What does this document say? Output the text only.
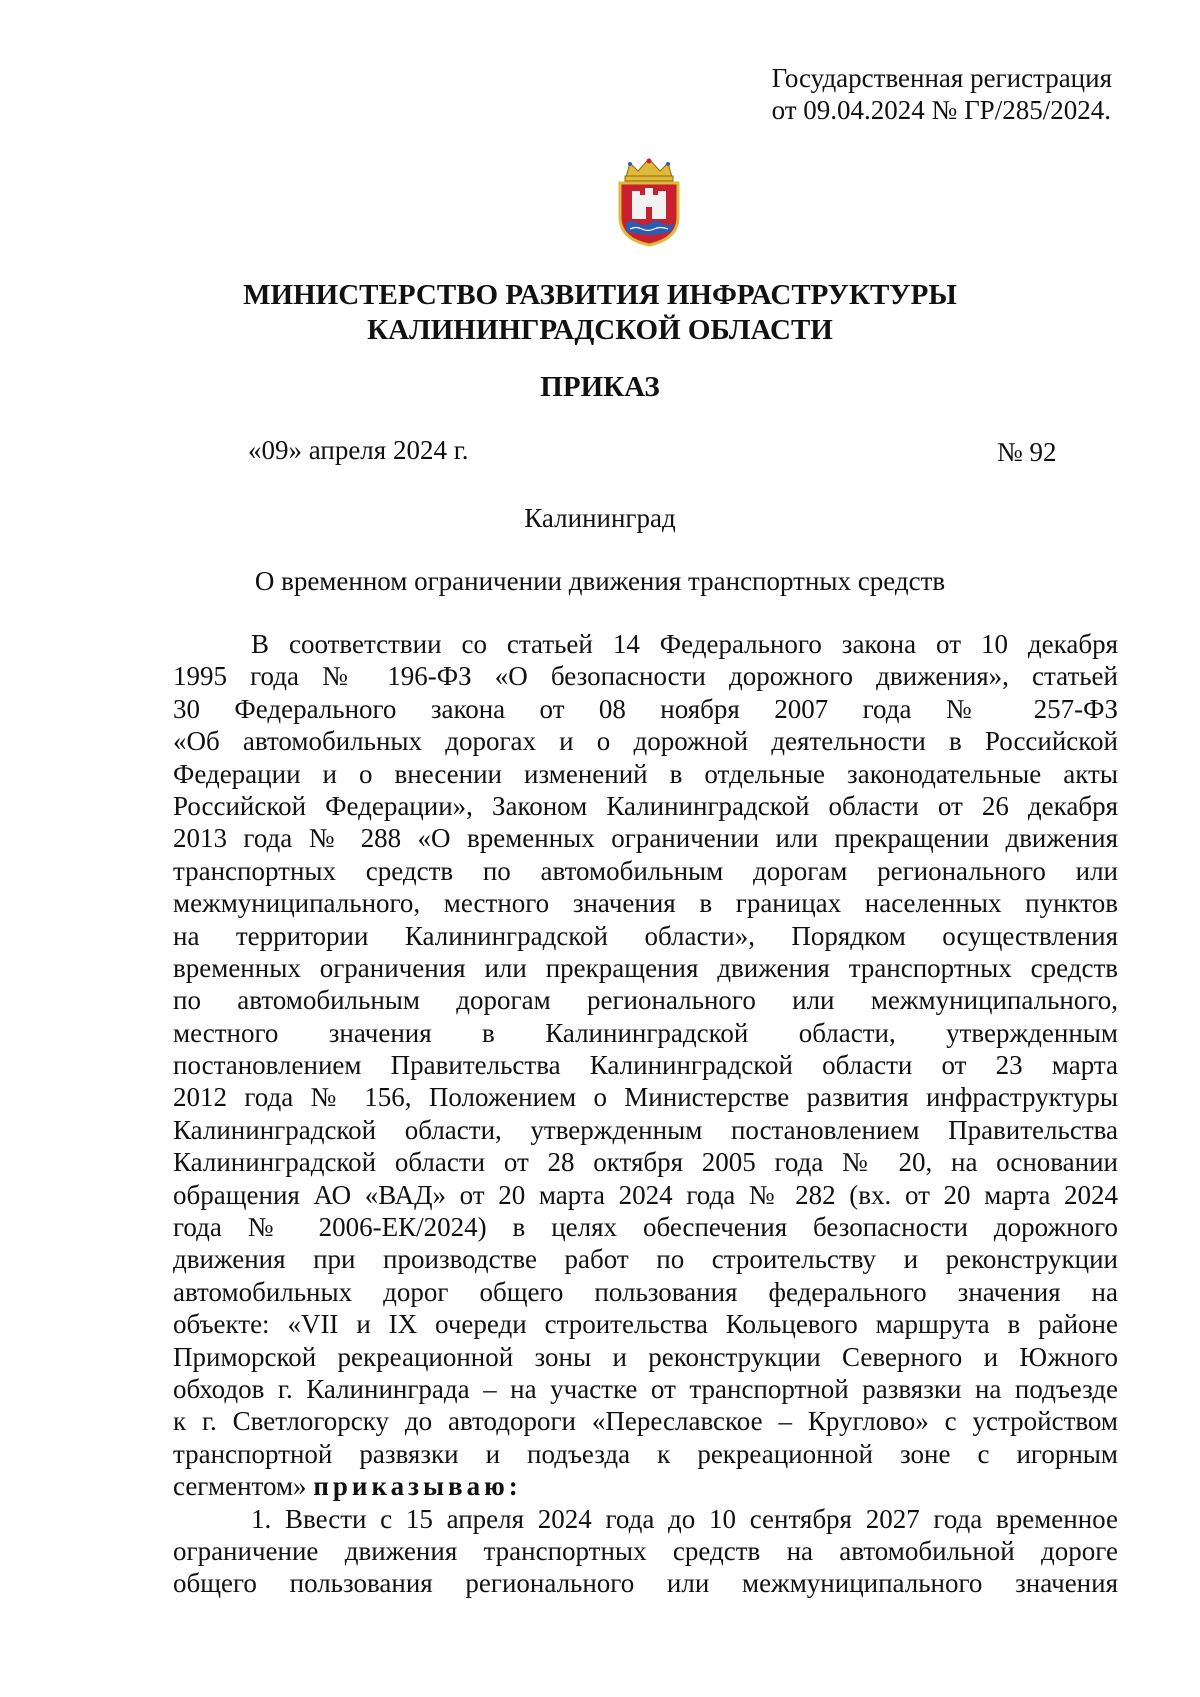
Государственная регистрация
от 09.04.2024 № ГР/285/2024.
МИНИСТЕРСТВО РАЗВИТИЯ ИНФРАСТРУКТУРЫ
КАЛИНИНГРАДСКОЙ ОБЛАСТИ
ПРИКАЗ
«09» апреля 2024 г.	№ 92
Калининград
О временном ограничении движения транспортных средств
В соответствии со статьей 14 Федерального закона от 10 декабря
1995 года № 196-ФЗ «О безопасности дорожного движения», статьей
30 Федерального закона от 08 ноября 2007 года № 257-ФЗ
«Об автомобильных дорогах и о дорожной деятельности в Российской
Федерации и о внесении изменений в отдельные законодательные акты
Российской Федерации», Законом Калининградской области от 26 декабря
2013 года № 288 «О временных ограничении или прекращении движения
транспортных средств по автомобильным дорогам регионального или
межмуниципального, местного значения в границах населенных пунктов
на территории Калининградской области», Порядком осуществления
временных ограничения или прекращения движения транспортных средств
по автомобильным дорогам регионального или межмуниципального,
местного значения в Калининградской области, утвержденным
постановлением Правительства Калининградской области от 23 марта
2012 года № 156, Положением о Министерстве развития инфраструктуры
Калининградской области, утвержденным постановлением Правительства
Калининградской области от 28 октября 2005 года № 20, на основании
обращения АО «ВАД» от 20 марта 2024 года № 282 (вх. от 20 марта 2024
года № 2006-ЕК/2024) в целях обеспечения безопасности дорожного
движения при производстве работ по строительству и реконструкции
автомобильных дорог общего пользования федерального значения на
объекте: «VII и IX очереди строительства Кольцевого маршрута в районе
Приморской рекреационной зоны и реконструкции Северного и Южного
обходов г. Калининграда – на участке от транспортной развязки на подъезде
к г. Светлогорску до автодороги «Переславское – Круглово» с устройством
транспортной развязки и подъезда к рекреационной зоне с игорным
сегментом» приказываю:
1. Ввести с 15 апреля 2024 года до 10 сентября 2027 года временное
ограничение движения транспортных средств на автомобильной дороге
общего пользования регионального или межмуниципального значения
